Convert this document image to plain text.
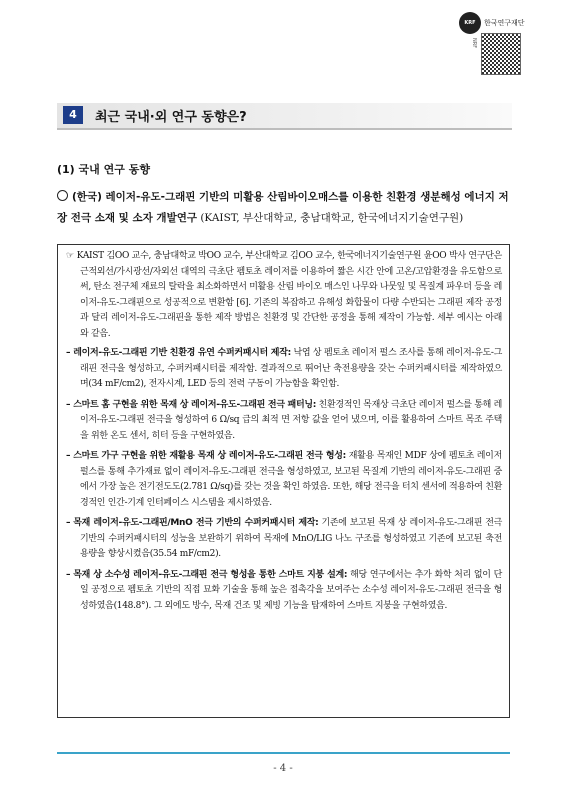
KRF	한국연구재단
NRF
4	최근 국내·외 연구 동향은?
(1) 국내 연구 동향
(한국) 레이저-유도-그래핀 기반의 미활용 산림바이오매스를 이용한 친환경 생분해성 에너지 저장 전극 소재 및 소자 개발연구 (KAIST, 부산대학교, 충남대학교, 한국에너지기술연구원)
☞ KAIST 김OO 교수, 충남대학교 박OO 교수, 부산대학교 김OO 교수, 한국에너지기술연구원 윤OO 박사 연구단은 근적외선/가시광선/자외선 대역의 극초단 펨토초 레이저를 이용하여 짧은 시간 안에 고온/고압환경을 유도함으로써, 탄소 전구체 재료의 탈락을 최소화하면서 미활용 산림 바이오 매스인 나무와 나뭇잎 및 목질계 파우더 등을 레이저-유도-그래핀으로 성공적으로 변환함 [6]. 기존의 복잡하고 유해성 화합물이 다량 수반되는 그래핀 제작 공정과 달리 레이저-유도-그래핀을 통한 제작 방법은 친환경 및 간단한 공정을 통해 제작이 가능함. 세부 예시는 아래와 같음.
– 레이저-유도-그래핀 기반 친환경 유연 수퍼커패시터 제작: 낙엽 상 펨토초 레이저 펄스 조사를 통해 레이저-유도-그래핀 전극을 형성하고, 수퍼커패시터를 제작함. 결과적으로 뛰어난 축전용량을 갖는 수퍼커패시터를 제작하였으며(34 mF/cm2), 전자시계, LED 등의 전력 구동이 가능함을 확인함.
– 스마트 홈 구현을 위한 목재 상 레이저-유도-그래핀 전극 패터닝: 친환경적인 목재상 극초단 레이저 펄스를 통해 레이저-유도-그래핀 전극을 형성하여 6 Ω/sq 급의 최적 면 저항 값을 얻어 냈으며, 이를 활용하여 스마트 목조 주택을 위한 온도 센서, 히터 등을 구현하였음.
– 스마트 가구 구현을 위한 재활용 목재 상 레이저-유도-그래핀 전극 형성: 재활용 목재인 MDF 상에 펨토초 레이저 펄스를 통해 추가재료 없이 레이저-유도-그래핀 전극을 형성하였고, 보고된 목질계 기반의 레이저-유도-그래핀 중에서 가장 높은 전기전도도(2.781 Ω/sq)를 갖는 것을 확인 하였음. 또한, 해당 전극을 터치 센서에 적용하여 친환경적인 인간-기계 인터페이스 시스템을 제시하였음.
– 목재 레이저-유도-그래핀/MnO 전극 기반의 수퍼커패시터 제작: 기존에 보고된 목재 상 레이저-유도-그래핀 전극 기반의 수퍼커패시터의 성능을 보완하기 위하여 목재에 MnO/LIG 나노 구조를 형성하였고 기존에 보고된 축전용량을 향상시켰음(35.54 mF/cm2).
– 목재 상 소수성 레이저-유도-그래핀 전극 형성을 통한 스마트 지붕 설계: 해당 연구에서는 추가 화학 처리 없이 단일 공정으로 펨토초 기반의 직접 묘화 기술을 통해 높은 접촉각을 보여주는 소수성 레이저-유도-그래핀 전극을 형성하였음(148.8°). 그 외에도 방수, 목재 건조 및 제빙 기능을 탑재하여 스마트 지붕을 구현하였음.
- 4 -
